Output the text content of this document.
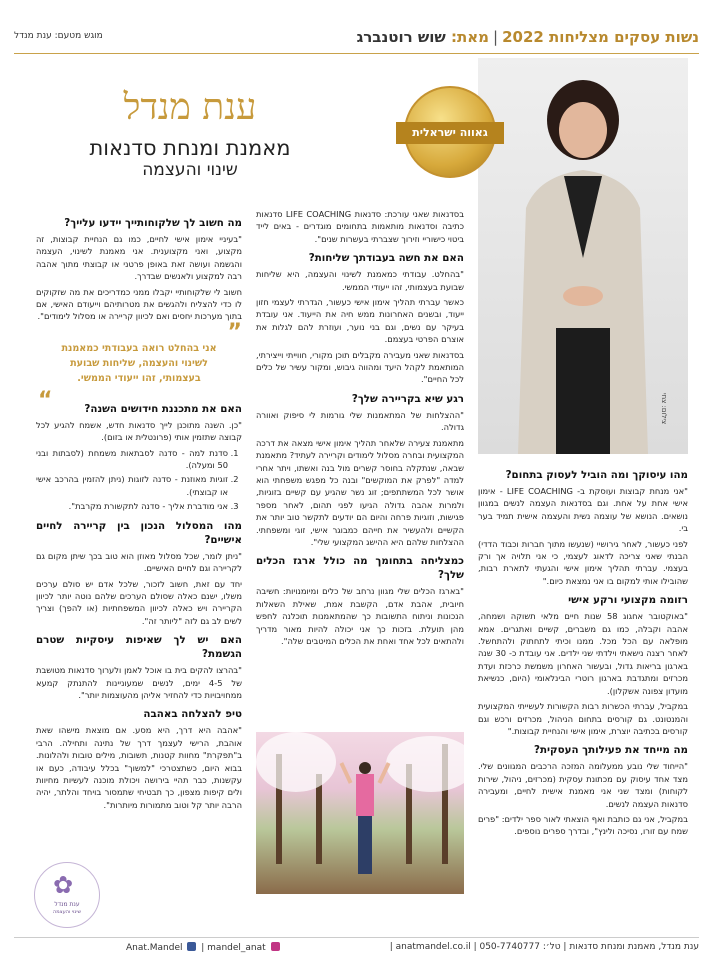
נשות עסקים מצליחות 2022|מאת: שוש רוטנברג
מוגש מטעם: ענת מנדל
ענת מנדל
מאמנת ומנחת סדנאות
שינוי והעצמה
צילום: צחי
גאווה ישראלית

בסדנאות שאני עורכת: סדנאות LIFE COACHING סדנאות כתיבה וסדנאות מותאמות בתחומים מוגדרים - באים לייד ביטוי כישוריי וזירוך שצברתי בעשרות שנים".

האם את חשה בעבודתך שליחות?

"בהחלט. עבודתי כמאמנת לשינוי והעצמה, היא שליחות שבועת בעצמותי, זהו ייעודי הממשי.

כאשר עברתי תהליך אימון אישי כעשור, הגדרתי לעצמי חזון ייעוד, ובשנים האחרונות ממש חיה את הייעוד. אני עובדת בעיקר עם נשים, וגם בני נוער, ועוזרת להם לגלות את אוצרם הפרטי בעצמם.

בסדנאות שאני מעבירה מקבלים תוכן מקורי, חווייתי וייצירתי, המותאמת לקהל היעד ומהווה גיבוש, ומקור עשיר של כלים לכל החיים".

רגע שיא בקריירה שלך?

"ההצלחות של המתאמנות שלי גורמות לי סיפוק ואוורה גדולה.

מתאמנת צעירה שלאחר תהליך אימון אישי מצאה את דרכה המקצועית ובחרה מסלול לימודים וקריירה לעתיד? מתאמנת שבאה, שנתקלה בחוסר קשרים מול בנה ואשתו, ויתר אחרי למדה "לפרק את המוקשים" ובנה כל מפגש משפחתי הוא אושר לכל המשתתפים; זוג נשר שהגיע עם קשיים בזוגיות, ולמרות אהבה גדולה הגיעו לפני תהום, לאחר מספר פגישות, וזוגיות פרחה והיום הם יודעים לתקשר טוב יותר את הקשיים ולהעשיר את חייהם כמבוגר אישי, זוגי ומשפחתי. ההצלחות שלהם היא ההישג המקצועי שלי".

כמצליחה בתחומך מה כולל ארגז הכלים שלך?

"בארגז הכלים שלי מגוון נרחב של כלים ומיומנויות: חשיבה חיובית, אהבת אדם, הקשבת אמת, שאילת השאלות הנכונות וניתוח התשובות כך שהמתאמנות תוכלנה לחפש מהן תועלת. בזכות כך אני יכולה להיות מאור מדריך ולהתאים לכל אחד ואחת את הכלים המיטבים שלה".

מהו עיסוקך ומה הוביל לעסוק בתחום?

"אני מנחת קבוצות ועוסקת ב- LIFE COACHING - אימון אישי אחת על אחת. וגם בסדנאות העצמה לנשים במגוון נושאים. הנושא של עוצמה נשית והעצמה אישית תמיד בער בי.

לפני כעשור, לאחר גירושיי (שנעשו מתוך חברות וכבוד הדדי) הבנתי שאני צריכה לדאוג לעצמי, כי אני תלויה אך ורק בעצמי. עברתי תהליך אימון אישי והגעתי לתארת רבות, שהובילו אותי למקום בו אני נמצאת כיום."

רזומה מקצועי ורקע אישי

"באוקטובר אחגוג 58 שנות חיים מלאי תשוקה ושמחה, אהבה וקבלה, כמו גם משברים, קשיים ואתגרים. אמא מופלאה עם הכל מכל. ממנו וכיתי לתחתוק ולהתחשל. לאחר רצנה נישאתי וילדתי שני ילדים. אני עובדת כ- 30 שנה בארגון בריאות גדול, ובעשור האחרון משמשת כרכזת ועדת מכרזים ומתגדבת בארגון רוטרי הבינלאומי (היום, כנשיאת מועדון צפונה אשקלון).

במקביל, עברתי הכשרות רבות הקשורות לעשייתי המקצועית והמנטונט. גם קורסים בתחום הניהול, מכרזים ורכש וגם קורסים בכתיבה יוצרת, אימון אישי והנחיית קבוצות."

מה מייחד את פעילותך העסקית?

"הייחוד שלי נובע ממעלומה המזכה הרכבים המגוונים שלי. מצד אחד עיסוק עם מכתונת עסקית (מכרזים, ניהול, שירות לקוחות) ומצד שני אני מאמנת אישית לחיים, ומעבירה סדנאות העצמה לנשים.

במקביל, אני גם כותבת ואף הוצאתי לאור ספר ילדים: "פרים שמח עם זורו, נסיכה ולינץ", ובדרך ספרים נוספים.

מה חשוב לך שלקוחותייך יידעו עלייך?

"בעיניי אימון אישי לחיים, כמו גם הנחיית קבוצות, זה מקצוע, ואני מקצוענית. אני מאמנת לשינוי, העצמה והגשמה ועושה זאת באופן פרטני או קבוצתי מתוך אהבה רבה למקצוע ולאנשים שבדרך.

חשוב לי שלקוחותיי יקבלו ממני כמדריכים את מה שזקוקים לו כדי להצליח ולהגשים את מטרותיהם וייעודם האישי, אם בתוך מערכות יחסים ואם לכיוון קריירה או מסלול לימודים".

”
אני בהחלט רואה בעבודתי כמאמנת לשינוי והעצמה, שליחות שבועת בעצמותי, זהו ייעודי הממשי.
“	האם את מתכננת חידושים השנה?

"כן. השנה מתוכנן לייך סדנאות חדש, אשמח להגיע לכל קבוצה שתזמין אותי (פרונטלית או בזום).

1. סדנת למה - סדנה לסבתאות משמחת (לסבתות ובני 50 ומעלה).
2. זוגיות מאוזנת - סדנה לזוגות (ניתן להזמין בהרכב אישי או קבוצתי).
3. אני מודברת אליך - סדנה לתקשורת מקרבת".
מהו המסלול הנכון בין קריירה לחיים אישיים?

"ניתן לומר, שכל מסלול מאוזן הוא טוב בכך שיתן מקום גם לקריירה וגם לחיים האישיים.

יחד עם זאת, חשוב לזכור, שלכל אדם יש סולם ערכים משלו, ישנם כאלה שסולם הערכים שלהם נוטה יותר לכיוון הקריירה ויש כאלה לכיוון המשפחתיות (או להפך) וצריך לשים לב גם לזה "ליותר זה".

האם יש לך שאיפות עיסקיות שטרם הגשמת?

"בהרצו להקים בית בו אוכל לאמן ולערוך סדנאות מטושבת של 4-5 ימים, לנשים שמעוניינות להתנתק קמעא ממחויבויות כדי להחזיר אליהן מהעוצמות יותר".

טיפ להצלחה באהבה

"אהבה היא דרך, היא מסע. אם מוצאת מישהו שאת אוהבת, הרישי לעצמך דרך של נתינה ותחילה. הרבי ב"תפקרת" מחוות קטנות, תשובות, מילים טובות ולהלונות. בבוא היום, כשתצטרכי "למשוך" בכלל עיבודה, כעם או עקשנות, כבר תהיי בירושה ויכולת מוכנה לעשיות מחיוות ולים קיפות מצפון, כך תבטיחי שתמסור בויחד והלתר, יהיה הרבה יותר קל וטוב מתמורות מיותרות".

✿
ענת מנדל
שינוי והעצמה
ענת מנדל, מאמנת ומנחת סדנאות | טל׳: 050-7740777 | anatmandel.co.il |
Anat.Mandel  | mandel_anat
